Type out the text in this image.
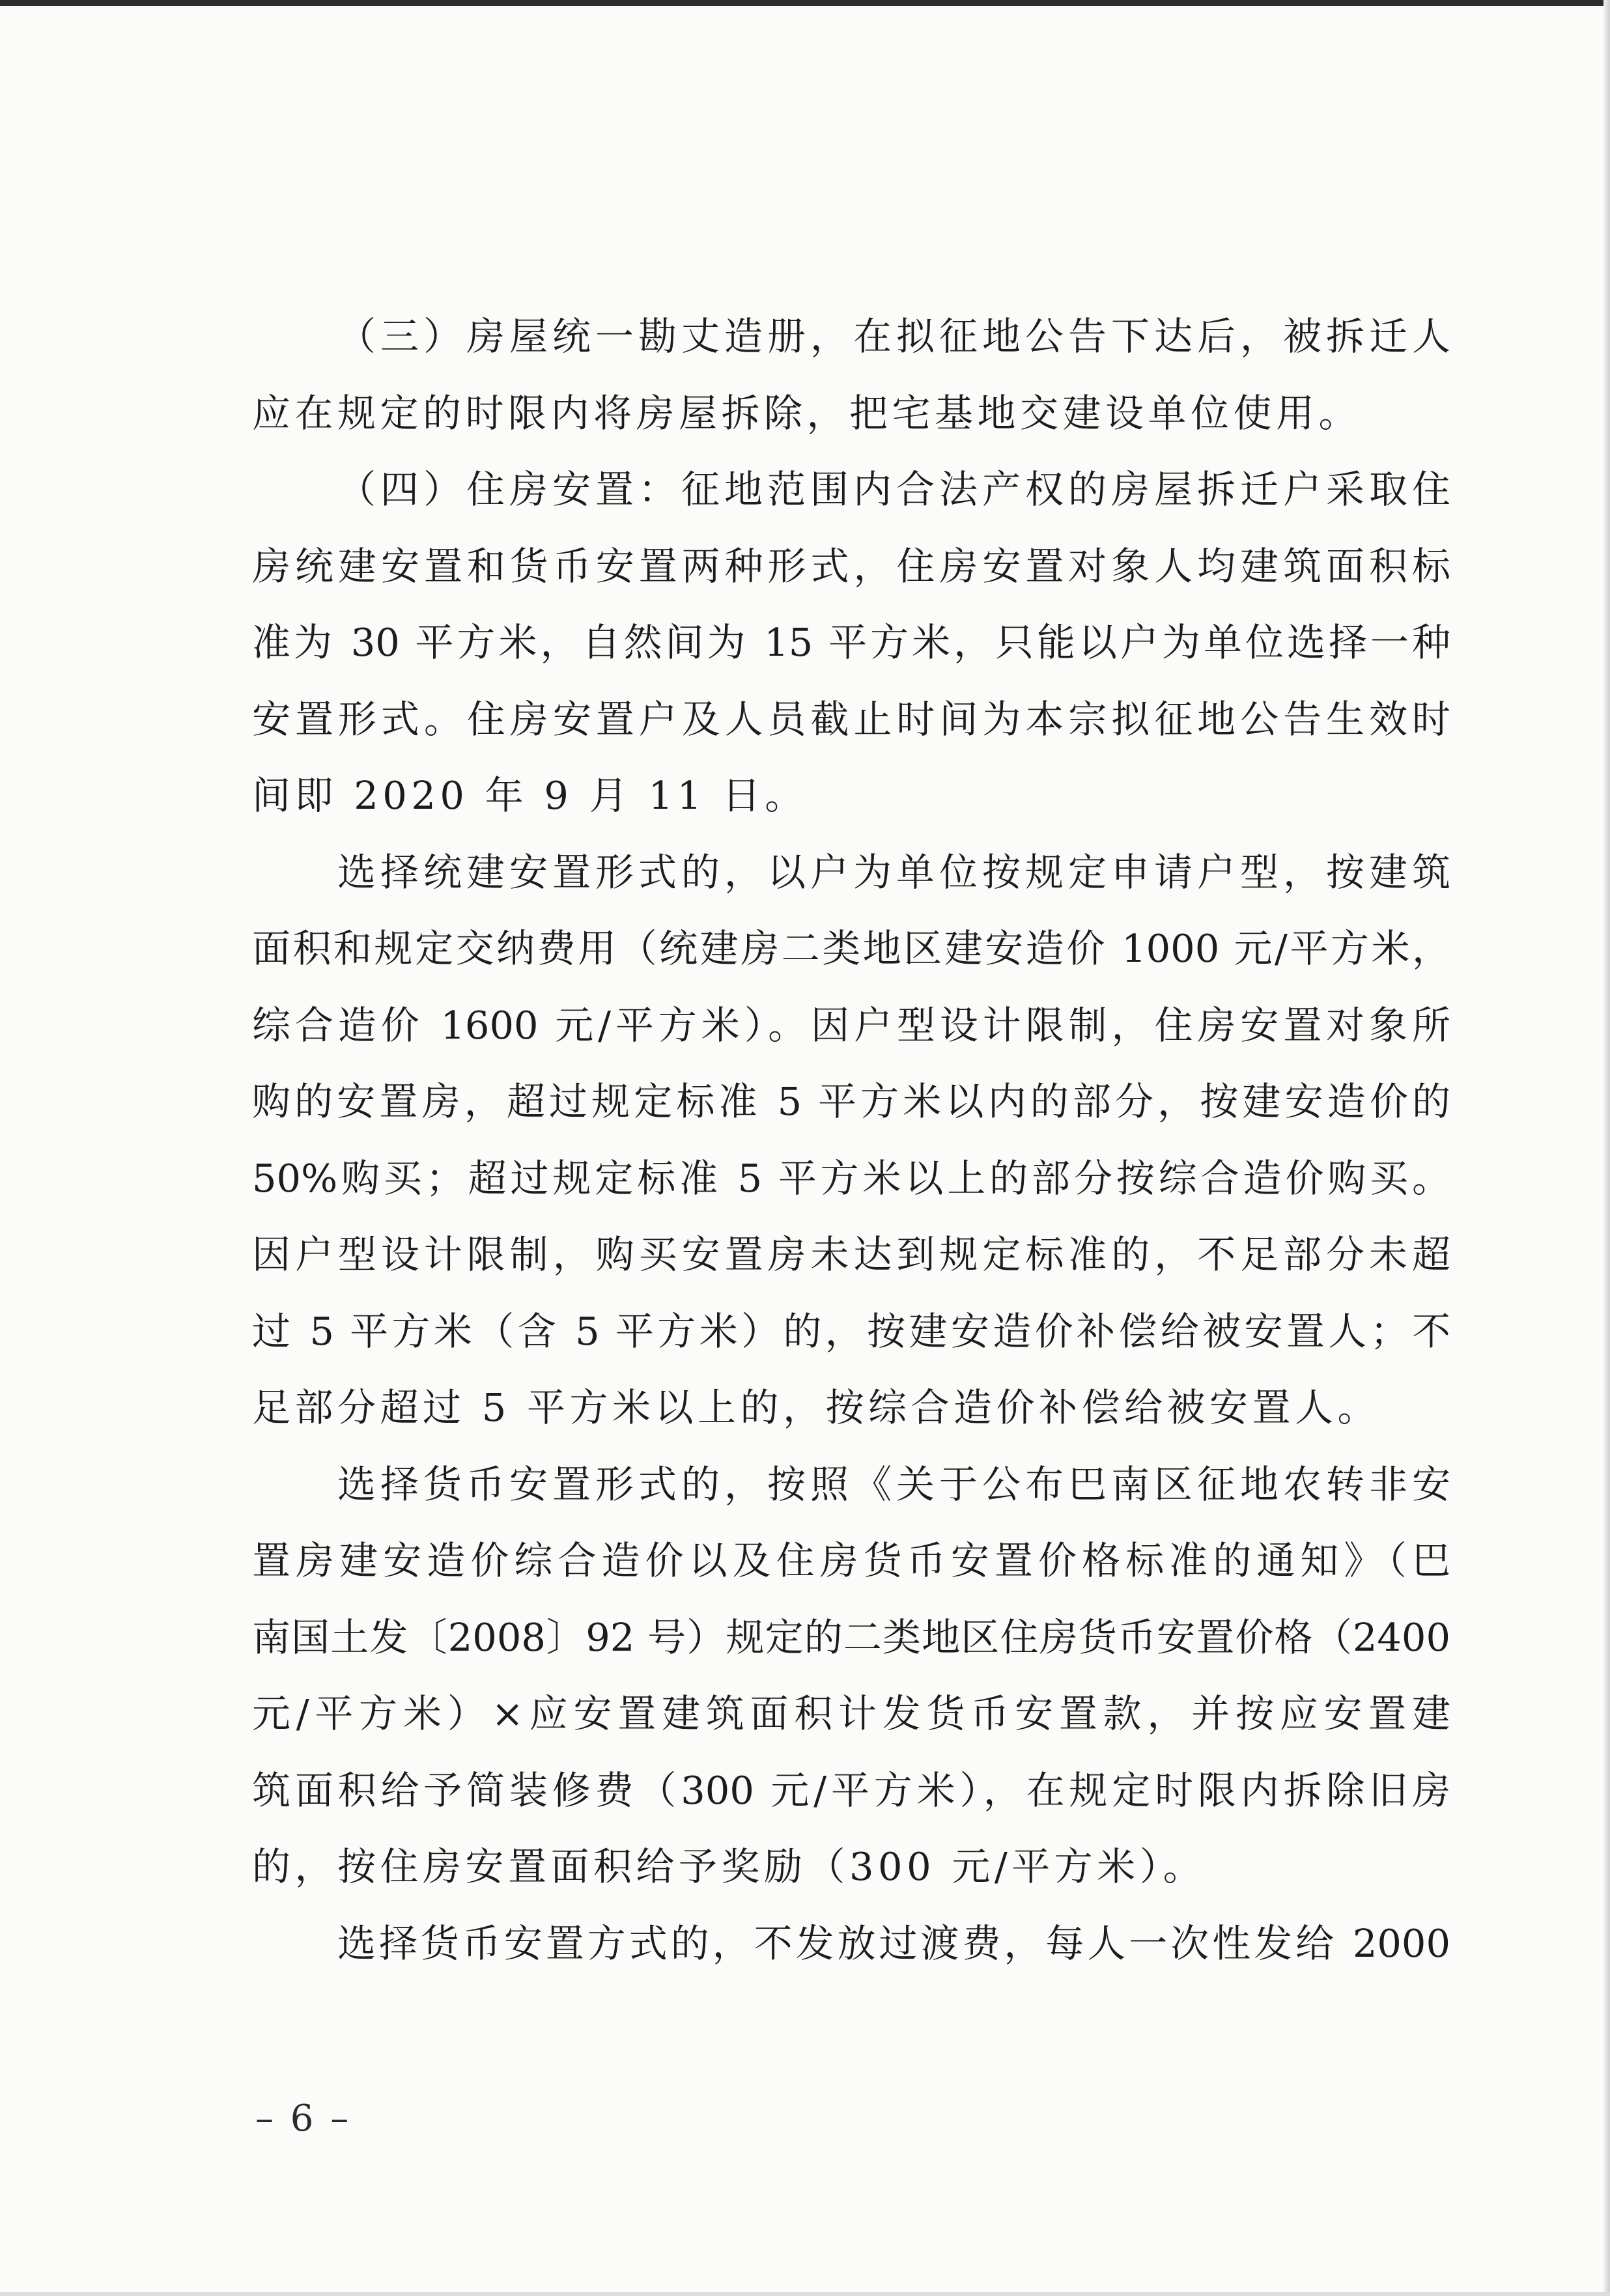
（三）房屋统一勘丈造册，在拟征地公告下达后，被拆迁人
应在规定的时限内将房屋拆除，把宅基地交建设单位使用。
（四）住房安置：征地范围内合法产权的房屋拆迁户采取住
房统建安置和货币安置两种形式，住房安置对象人均建筑面积标
准为 30 平方米，自然间为 15 平方米，只能以户为单位选择一种
安置形式。住房安置户及人员截止时间为本宗拟征地公告生效时
间即 2020 年 9 月 11 日。
选择统建安置形式的，以户为单位按规定申请户型，按建筑
面积和规定交纳费用（统建房二类地区建安造价 1000 元/平方米，
综合造价 1600 元/平方米）。因户型设计限制，住房安置对象所
购的安置房，超过规定标准 5 平方米以内的部分，按建安造价的
50%购买；超过规定标准 5 平方米以上的部分按综合造价购买。
因户型设计限制，购买安置房未达到规定标准的，不足部分未超
过 5 平方米（含 5 平方米）的，按建安造价补偿给被安置人；不
足部分超过 5 平方米以上的，按综合造价补偿给被安置人。
选择货币安置形式的，按照《关于公布巴南区征地农转非安
置房建安造价综合造价以及住房货币安置价格标准的通知》（巴
南国土发〔2008〕92 号）规定的二类地区住房货币安置价格（2400
元/平方米）×应安置建筑面积计发货币安置款，并按应安置建
筑面积给予简装修费（300 元/平方米），在规定时限内拆除旧房
的，按住房安置面积给予奖励（300 元/平方米）。
选择货币安置方式的，不发放过渡费，每人一次性发给 2000
– 6 –
